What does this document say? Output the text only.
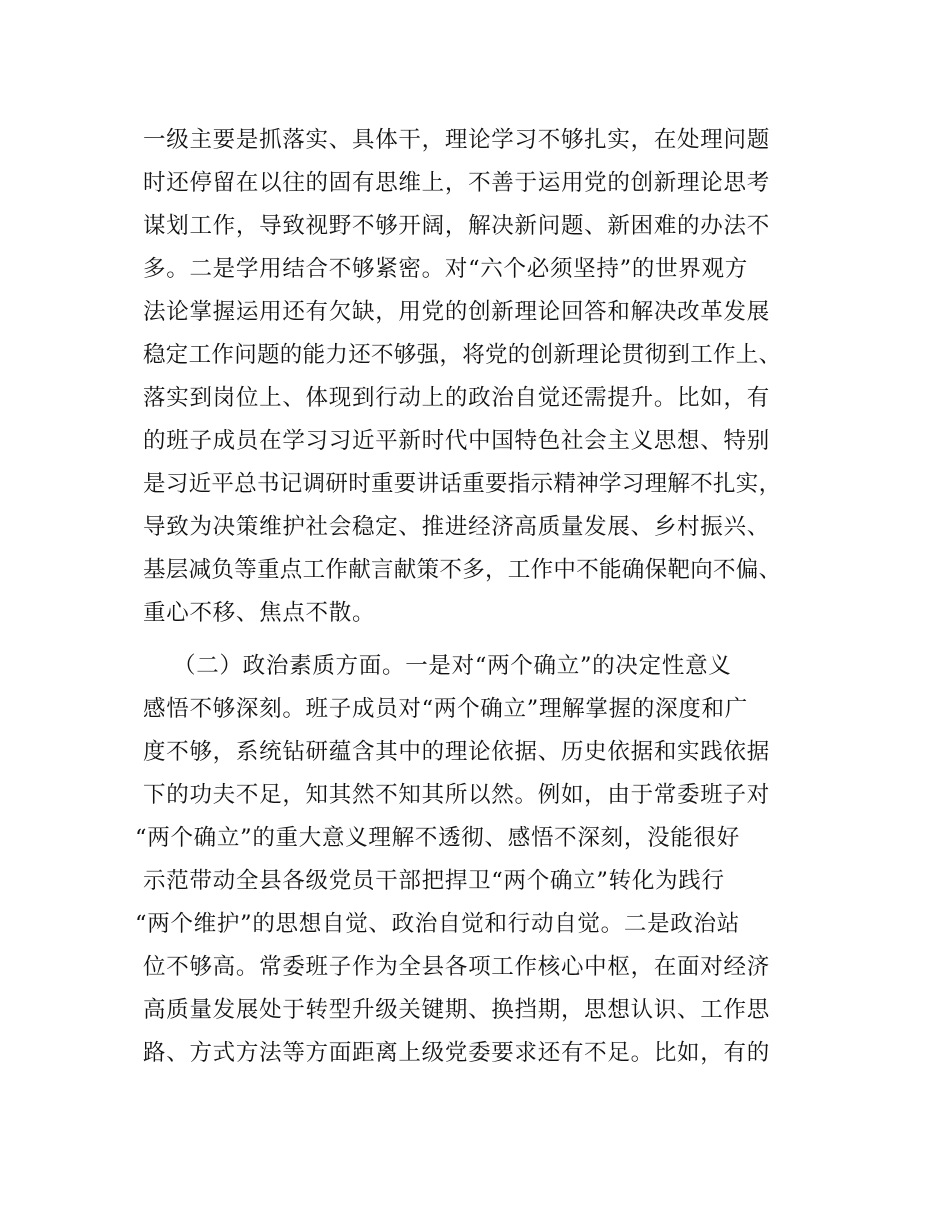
一级主要是抓落实、具体干，理论学习不够扎实，在处理问题
时还停留在以往的固有思维上，不善于运用党的创新理论思考
谋划工作，导致视野不够开阔，解决新问题、新困难的办法不
多。二是学用结合不够紧密。对“六个必须坚持”的世界观方
法论掌握运用还有欠缺，用党的创新理论回答和解决改革发展
稳定工作问题的能力还不够强，将党的创新理论贯彻到工作上、
落实到岗位上、体现到行动上的政治自觉还需提升。比如，有
的班子成员在学习习近平新时代中国特色社会主义思想、特别
是习近平总书记调研时重要讲话重要指示精神学习理解不扎实，
导致为决策维护社会稳定、推进经济高质量发展、乡村振兴、
基层减负等重点工作献言献策不多，工作中不能确保靶向不偏、
重心不移、焦点不散。
（二）政治素质方面。一是对“两个确立”的决定性意义
感悟不够深刻。班子成员对“两个确立”理解掌握的深度和广
度不够，系统钻研蕴含其中的理论依据、历史依据和实践依据
下的功夫不足，知其然不知其所以然。例如，由于常委班子对
“两个确立”的重大意义理解不透彻、感悟不深刻，没能很好
示范带动全县各级党员干部把捍卫“两个确立”转化为践行
“两个维护”的思想自觉、政治自觉和行动自觉。二是政治站
位不够高。常委班子作为全县各项工作核心中枢，在面对经济
高质量发展处于转型升级关键期、换挡期，思想认识、工作思
路、方式方法等方面距离上级党委要求还有不足。比如，有的
